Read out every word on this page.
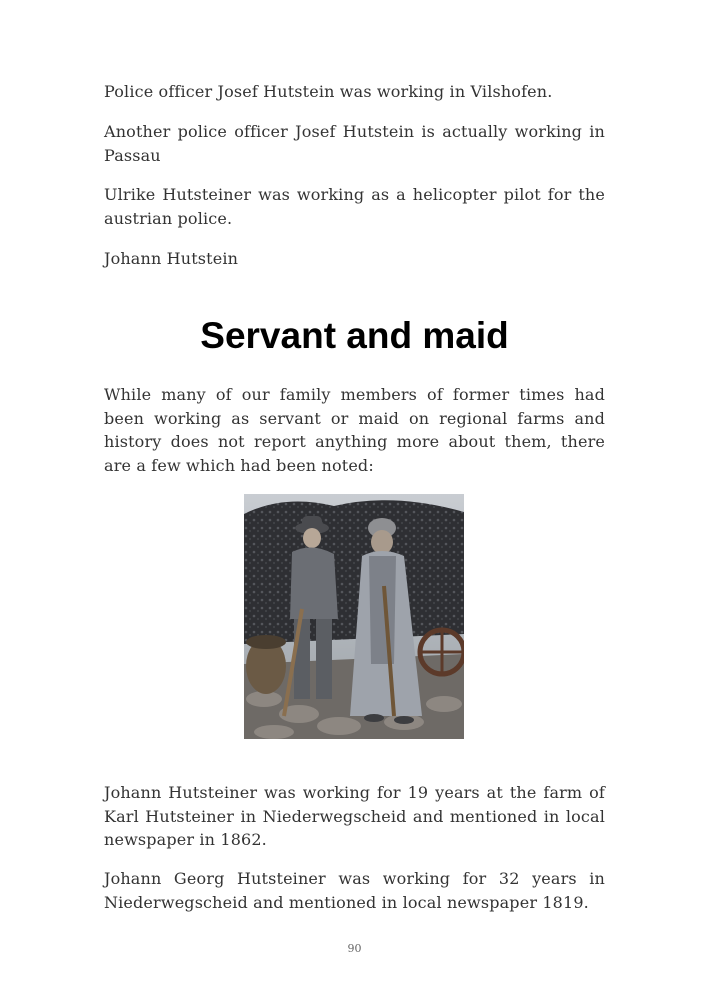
Police officer Josef Hutstein was working in Vilshofen.

Another police officer Josef Hutstein is actually working in Passau

Ulrike Hutsteiner was working as a helicopter pilot for the austrian police.

Johann Hutstein

Servant and maid

While many of our family members of former times had been working as servant or maid on regional farms and history does not report anything more about them, there are a few which had been noted:

Johann Hutsteiner was working for 19 years at the farm of Karl Hutsteiner in Niederwegscheid and mentioned in local newspaper in 1862.

Johann Georg Hutsteiner was working for 32 years in Niederwegscheid and mentioned in local newspaper 1819.

90
